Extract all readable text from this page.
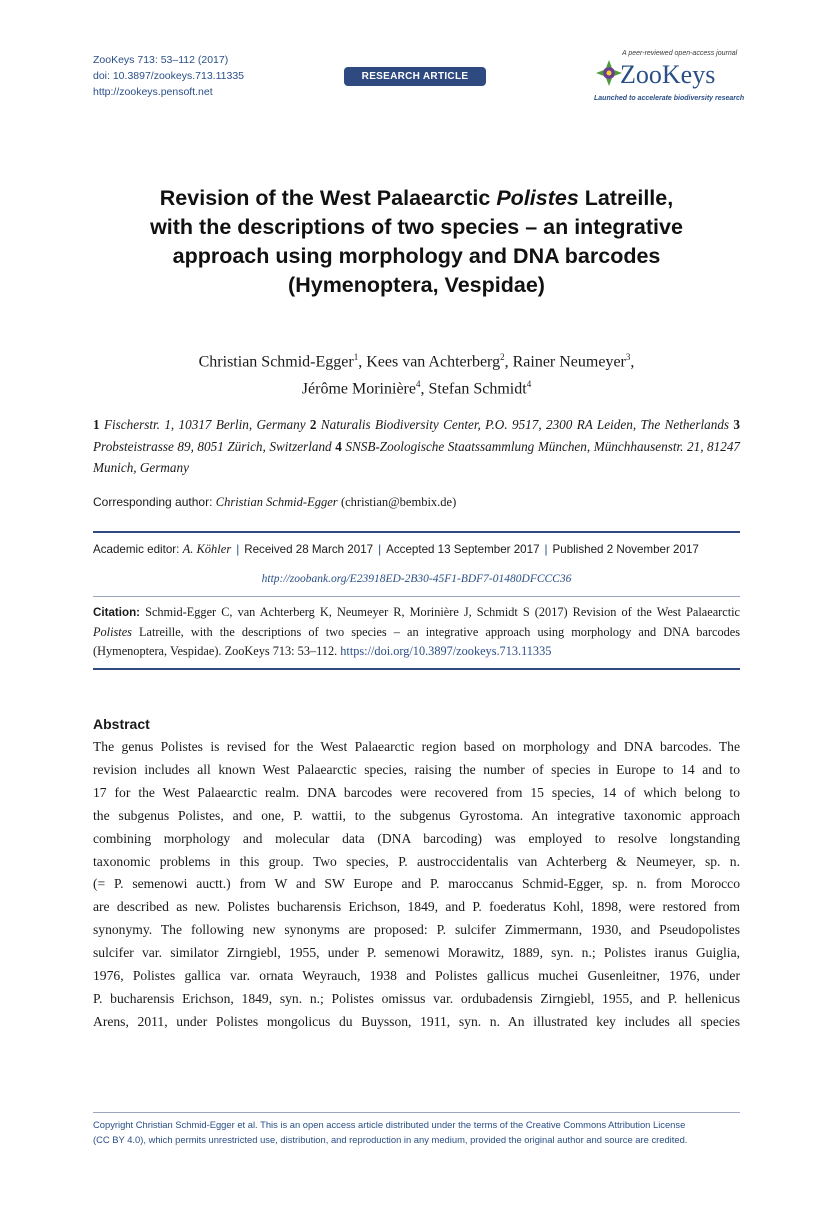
ZooKeys 713: 53–112 (2017)
doi: 10.3897/zookeys.713.11335
http://zookeys.pensoft.net
RESEARCH ARTICLE
A peer-reviewed open-access journal
ZooKeys
Launched to accelerate biodiversity research
Revision of the West Palaearctic Polistes Latreille,
with the descriptions of two species – an integrative
approach using morphology and DNA barcodes
(Hymenoptera, Vespidae)
Christian Schmid-Egger$^1$, Kees van Achterberg$^2$, Rainer Neumeyer$^3$,
Jérôme Morinière$^4$, Stefan Schmidt$^4$
1 Fischerstr. 1, 10317 Berlin, Germany 2 Naturalis Biodiversity Center, P.O. 9517, 2300 RA Leiden, The Netherlands 3 Probsteistrasse 89, 8051 Zürich, Switzerland 4 SNSB-Zoologische Staatssammlung München, Münchhausenstr. 21, 81247 Munich, Germany
Corresponding author: Christian Schmid-Egger (christian@bembix.de)
Academic editor: A. Köhler | Received 28 March 2017 | Accepted 13 September 2017 | Published 2 November 2017
http://zoobank.org/E23918ED-2B30-45F1-BDF7-01480DFCCC36
Citation: Schmid-Egger C, van Achterberg K, Neumeyer R, Morinière J, Schmidt S (2017) Revision of the West Palaearctic Polistes Latreille, with the descriptions of two species – an integrative approach using morphology and DNA barcodes (Hymenoptera, Vespidae). ZooKeys 713: 53–112. https://doi.org/10.3897/zookeys.713.11335
Abstract
The genus Polistes is revised for the West Palaearctic region based on morphology and DNA barcodes. The
revision includes all known West Palaearctic species, raising the number of species in Europe to 14 and to
17 for the West Palaearctic realm. DNA barcodes were recovered from 15 species, 14 of which belong to
the subgenus Polistes, and one, P. wattii, to the subgenus Gyrostoma. An integrative taxonomic approach
combining morphology and molecular data (DNA barcoding) was employed to resolve longstanding
taxonomic problems in this group. Two species, P. austroccidentalis van Achterberg & Neumeyer, sp. n.
(= P. semenowi auctt.) from W and SW Europe and P. maroccanus Schmid-Egger, sp. n. from Morocco
are described as new. Polistes bucharensis Erichson, 1849, and P. foederatus Kohl, 1898, were restored from
synonymy. The following new synonyms are proposed: P. sulcifer Zimmermann, 1930, and Pseudopolistes
sulcifer var. similator Zirngiebl, 1955, under P. semenowi Morawitz, 1889, syn. n.; Polistes iranus Guiglia,
1976, Polistes gallica var. ornata Weyrauch, 1938 and Polistes gallicus muchei Gusenleitner, 1976, under
P. bucharensis Erichson, 1849, syn. n.; Polistes omissus var. ordubadensis Zirngiebl, 1955, and P. hellenicus
Arens, 2011, under Polistes mongolicus du Buysson, 1911, syn. n. An illustrated key includes all species
Copyright Christian Schmid-Egger et al. This is an open access article distributed under the terms of the Creative Commons Attribution License
(CC BY 4.0), which permits unrestricted use, distribution, and reproduction in any medium, provided the original author and source are credited.
